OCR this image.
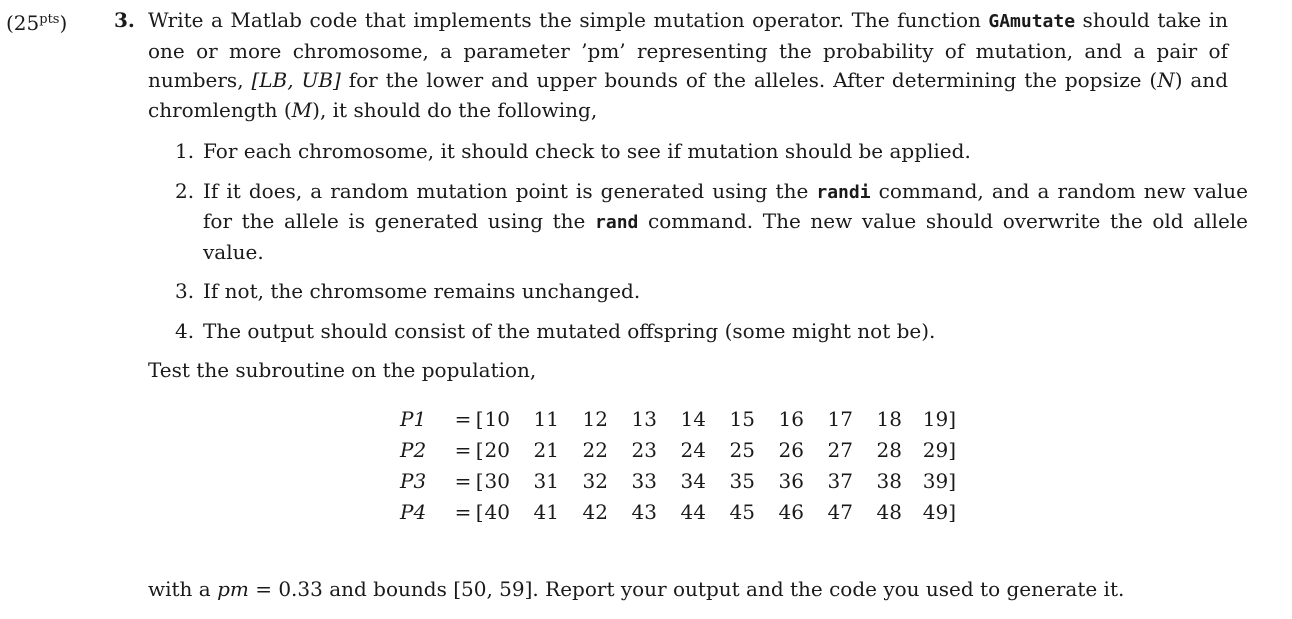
$(25^{pts})$ 3. Write a Matlab code that implements the simple mutation operator. The function GAmutate should take in one or more chromosome, a parameter ’pm’ representing the probability of mutation, and a pair of numbers, [LB, UB] for the lower and upper bounds of the alleles. After determining the popsize (N) and chromlength (M), it should do the following,

1. For each chromosome, it should check to see if mutation should be applied.
2. If it does, a random mutation point is generated using the randi command, and a random new value for the allele is generated using the rand command. The new value should overwrite the old allele value.
3. If not, the chromsome remains unchanged.
4. The output should consist of the mutated offspring (some might not be).

Test the subroutine on the population,

P1	=	[10	11	12	13	14	15	16	17	18	19]
P2	=	[20	21	22	23	24	25	26	27	28	29]
P3	=	[30	31	32	33	34	35	36	37	38	39]
P4	=	[40	41	42	43	44	45	46	47	48	49]
with a pm = 0.33 and bounds [50, 59]. Report your output and the code you used to generate it.
